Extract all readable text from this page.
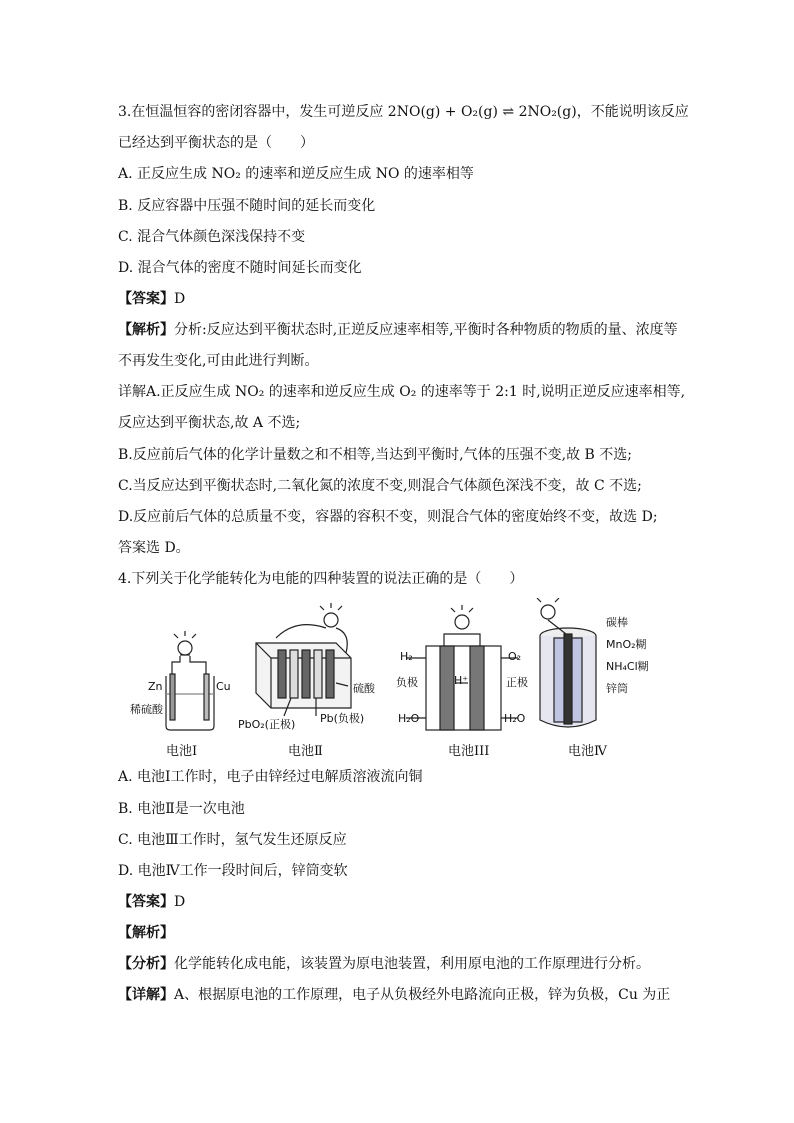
3.在恒温恒容的密闭容器中，发生可逆反应 2NO(g) + O₂(g) ⇌ 2NO₂(g)，不能说明该反应
已经达到平衡状态的是（　　）
A. 正反应生成 NO₂ 的速率和逆反应生成 NO 的速率相等
B. 反应容器中压强不随时间的延长而变化
C. 混合气体颜色深浅保持不变
D. 混合气体的密度不随时间延长而变化
【答案】D
【解析】分析:反应达到平衡状态时,正逆反应速率相等,平衡时各种物质的物质的量、浓度等
不再发生变化,可由此进行判断。
详解A.正反应生成 NO₂ 的速率和逆反应生成 O₂ 的速率等于 2:1 时,说明正逆反应速率相等,
反应达到平衡状态,故 A 不选;
B.反应前后气体的化学计量数之和不相等,当达到平衡时,气体的压强不变,故 B 不选;
C.当反应达到平衡状态时,二氧化氮的浓度不变,则混合气体颜色深浅不变，故 C 不选;
D.反应前后气体的总质量不变，容器的容积不变，则混合气体的密度始终不变，故选 D;
答案选 D。
4.下列关于化学能转化为电能的四种装置的说法正确的是（　　）
Zn	Cu
稀硫酸
电池Ⅰ
硫酸
PbO₂(正极) Pb(负极)
电池Ⅱ
H₂	O₂
负极	正极
H⁺
H₂O	H₂O
电池III
碳棒
MnO₂糊
NH₄Cl糊
锌筒
电池Ⅳ
A. 电池Ⅰ工作时，电子由锌经过电解质溶液流向铜
B. 电池Ⅱ是一次电池
C. 电池Ⅲ工作时，氢气发生还原反应
D. 电池Ⅳ工作一段时间后，锌筒变软
【答案】D
【解析】
【分析】化学能转化成电能，该装置为原电池装置，利用原电池的工作原理进行分析。
【详解】A、根据原电池的工作原理，电子从负极经外电路流向正极，锌为负极，Cu 为正
